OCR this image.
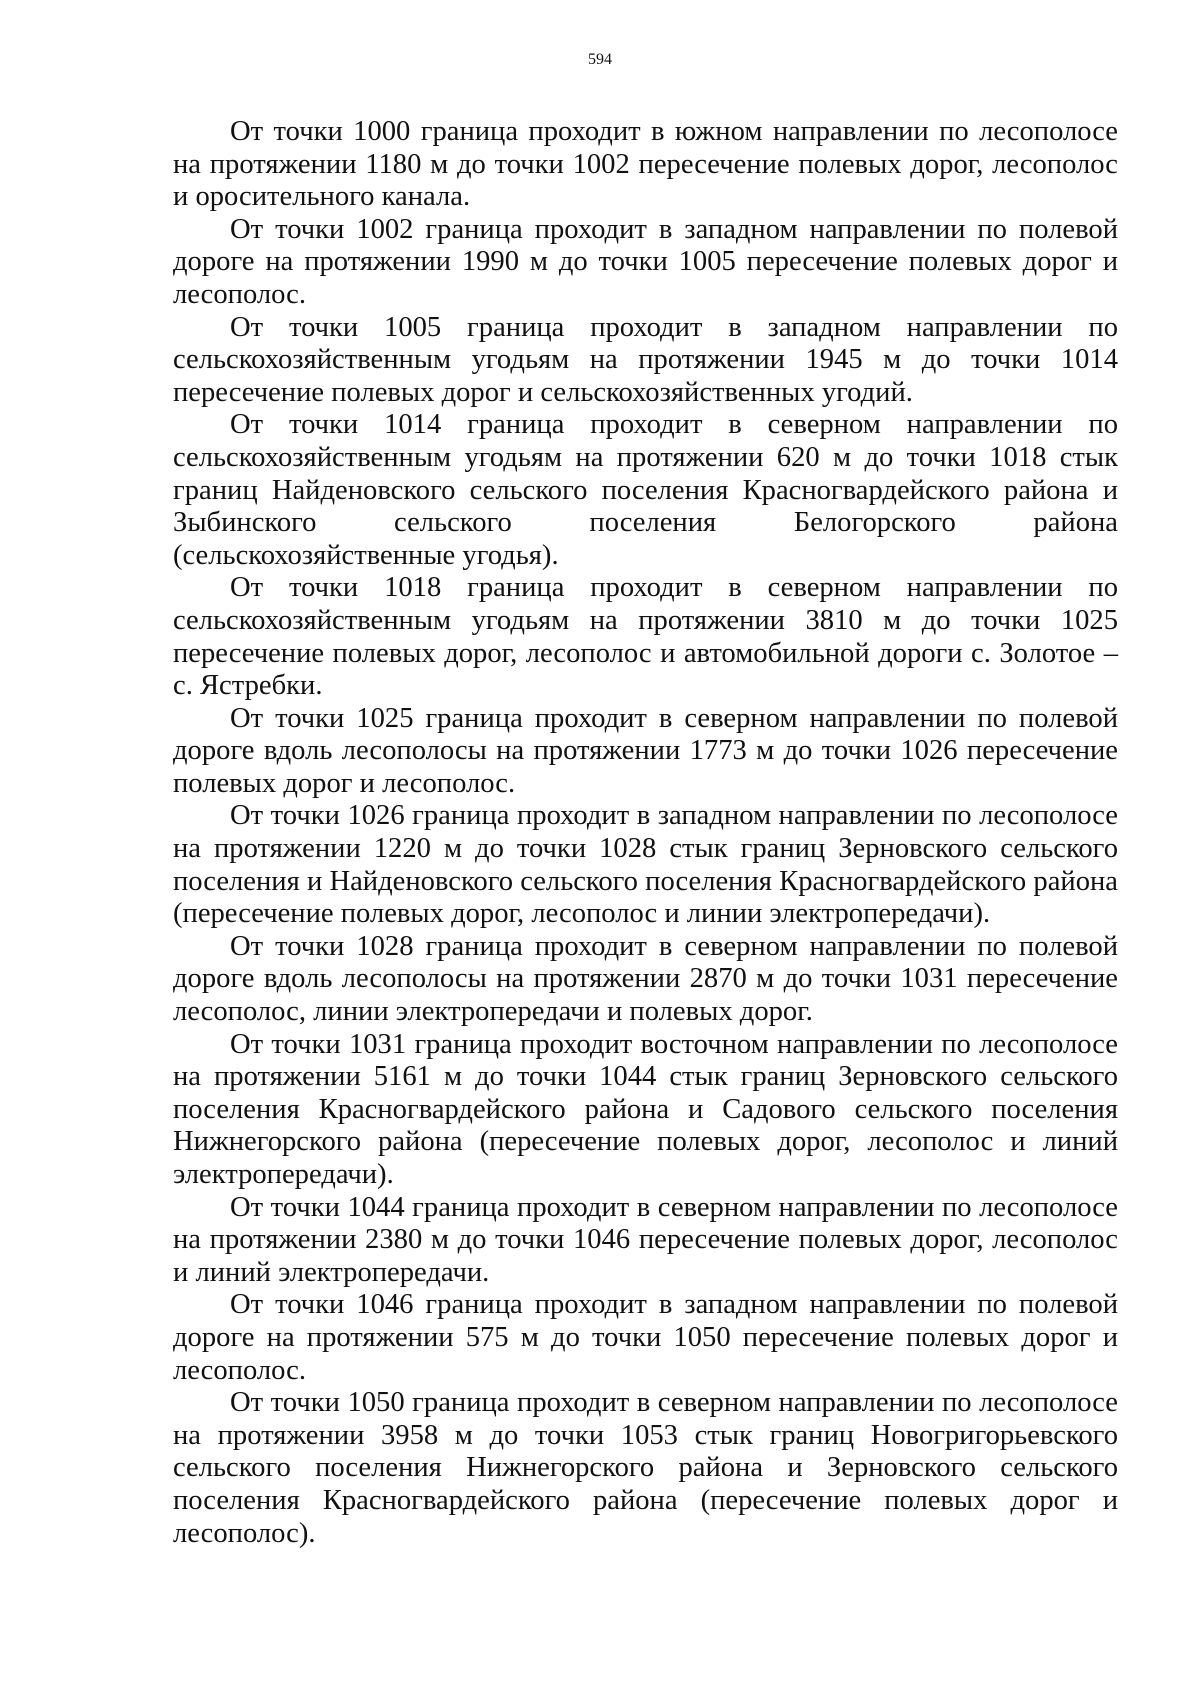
594

От точки 1000 граница проходит в южном направлении по лесополосе на протяжении 1180 м до точки 1002 пересечение полевых дорог, лесополос и оросительного канала.

От точки 1002 граница проходит в западном направлении по полевой дороге на протяжении 1990 м до точки 1005 пересечение полевых дорог и лесополос.

От точки 1005 граница проходит в западном направлении по сельскохозяйственным угодьям на протяжении 1945 м до точки 1014 пересечение полевых дорог и сельскохозяйственных угодий.

От точки 1014 граница проходит в северном направлении по сельскохозяйственным угодьям на протяжении 620 м до точки 1018 стык границ Найденовского сельского поселения Красногвардейского района и Зыбинского сельского поселения Белогорского района (сельскохозяйственные угодья).

От точки 1018 граница проходит в северном направлении по сельскохозяйственным угодьям на протяжении 3810 м до точки 1025 пересечение полевых дорог, лесополос и автомобильной дороги с. Золотое – с. Ястребки.

От точки 1025 граница проходит в северном направлении по полевой дороге вдоль лесополосы на протяжении 1773 м до точки 1026 пересечение полевых дорог и лесополос.

От точки 1026 граница проходит в западном направлении по лесополосе на протяжении 1220 м до точки 1028 стык границ Зерновского сельского поселения и Найденовского сельского поселения Красногвардейского района (пересечение полевых дорог, лесополос и линии электропередачи).

От точки 1028 граница проходит в северном направлении по полевой дороге вдоль лесополосы на протяжении 2870 м до точки 1031 пересечение лесополос, линии электропередачи и полевых дорог.

От точки 1031 граница проходит восточном направлении по лесополосе на протяжении 5161 м до точки 1044 стык границ Зерновского сельского поселения Красногвардейского района и Садового сельского поселения Нижнегорского района (пересечение полевых дорог, лесополос и линий электропередачи).

От точки 1044 граница проходит в северном направлении по лесополосе на протяжении 2380 м до точки 1046 пересечение полевых дорог, лесополос и линий электропередачи.

От точки 1046 граница проходит в западном направлении по полевой дороге на протяжении 575 м до точки 1050 пересечение полевых дорог и лесополос.

От точки 1050 граница проходит в северном направлении по лесополосе на протяжении 3958 м до точки 1053 стык границ Новогригорьевского сельского поселения Нижнегорского района и Зерновского сельского поселения Красногвардейского района (пересечение полевых дорог и лесополос).
